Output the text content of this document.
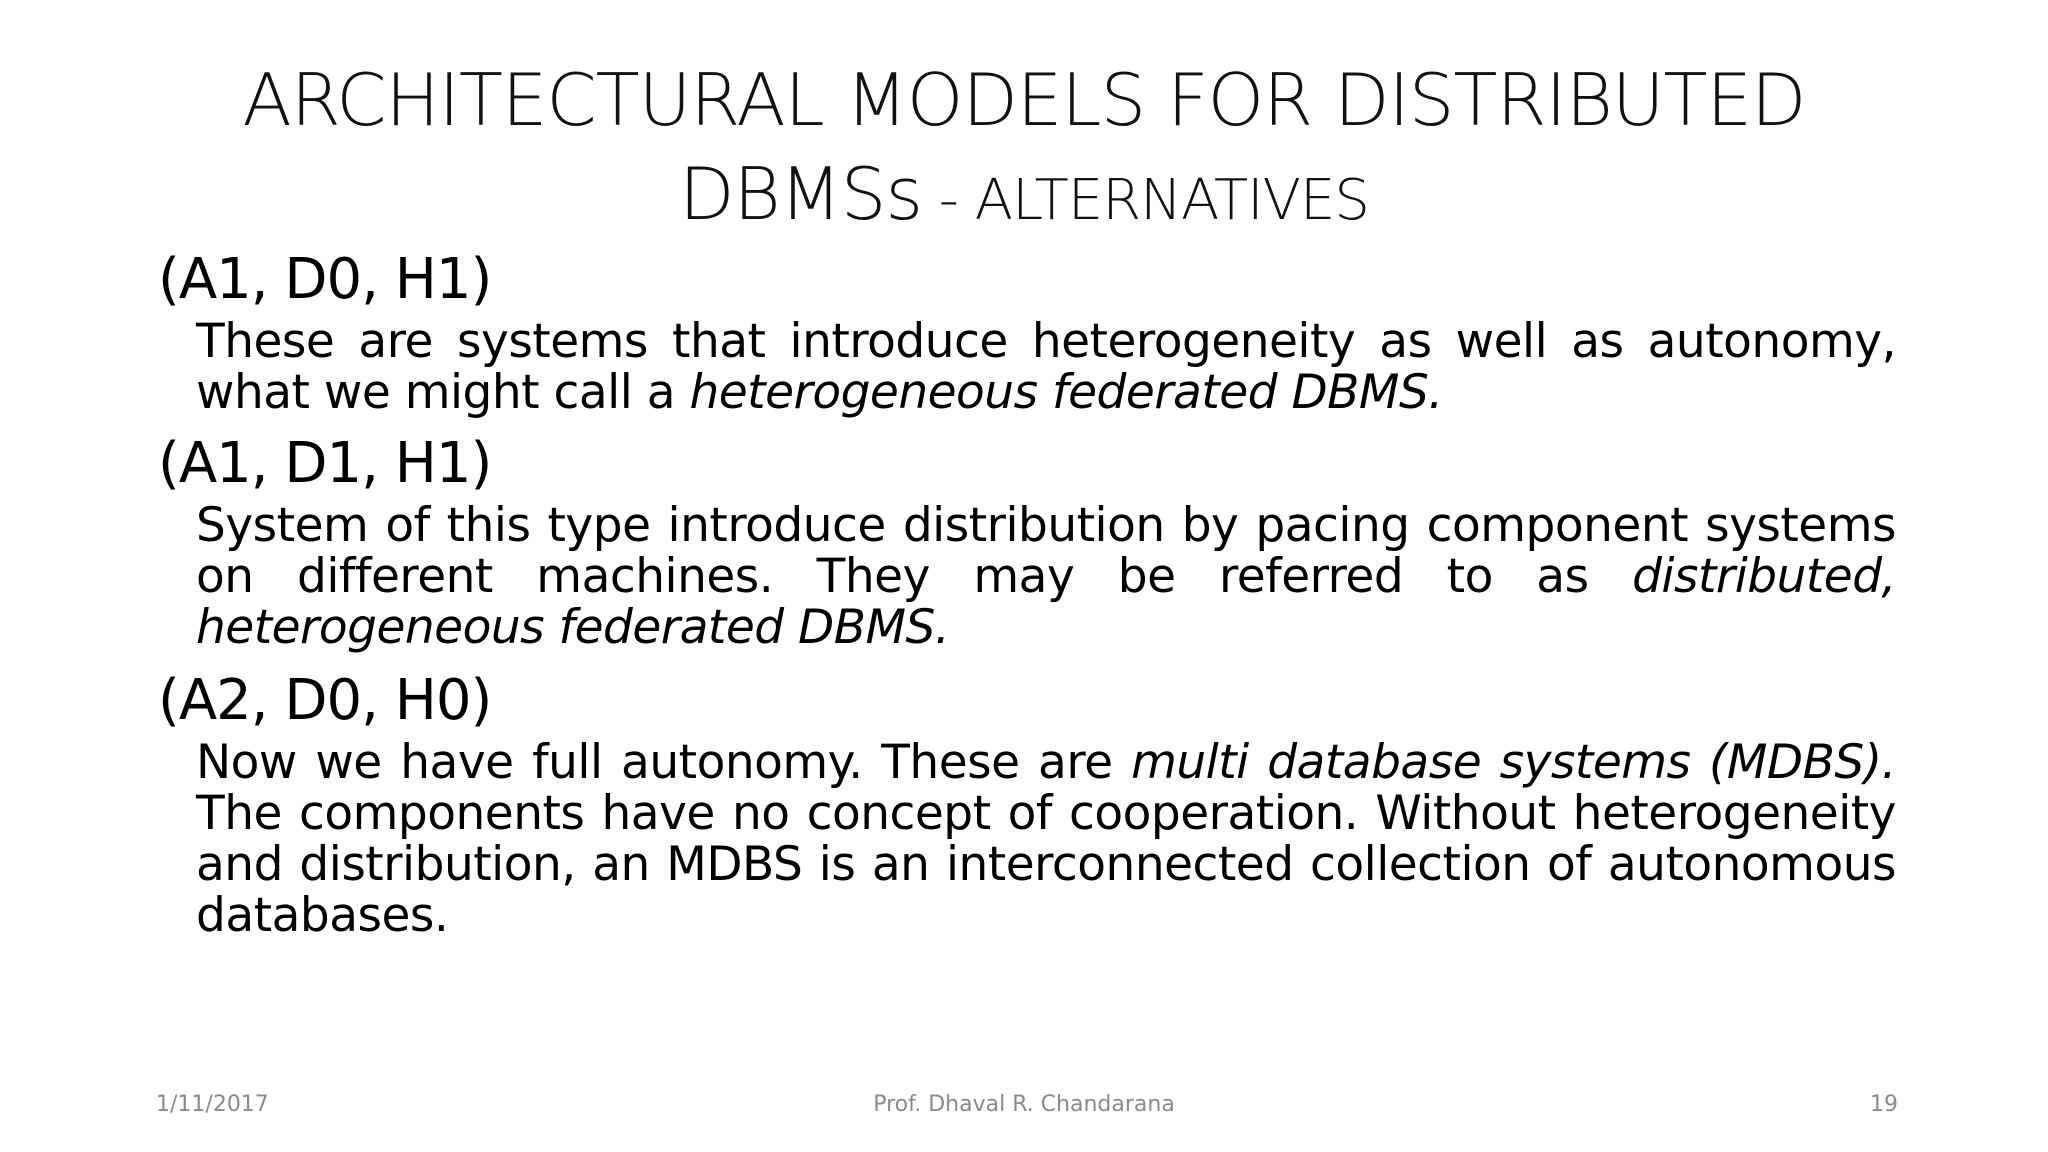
ARCHITECTURAL MODELS FOR DISTRIBUTED
DBMSs - ALTERNATIVES

(A1, D0, H1)

These are systems that introduce heterogeneity as well as autonomy, what we might call a heterogeneous federated DBMS.

(A1, D1, H1)

System of this type introduce distribution by pacing component systems on different machines. They may be referred to as distributed, heterogeneous federated DBMS.

(A2, D0, H0)

Now we have full autonomy. These are multi database systems (MDBS). The components have no concept of cooperation. Without heterogeneity and distribution, an MDBS is an interconnected collection of autonomous databases.

Prof. Dhaval R. Chandarana
1/11/2017	19
